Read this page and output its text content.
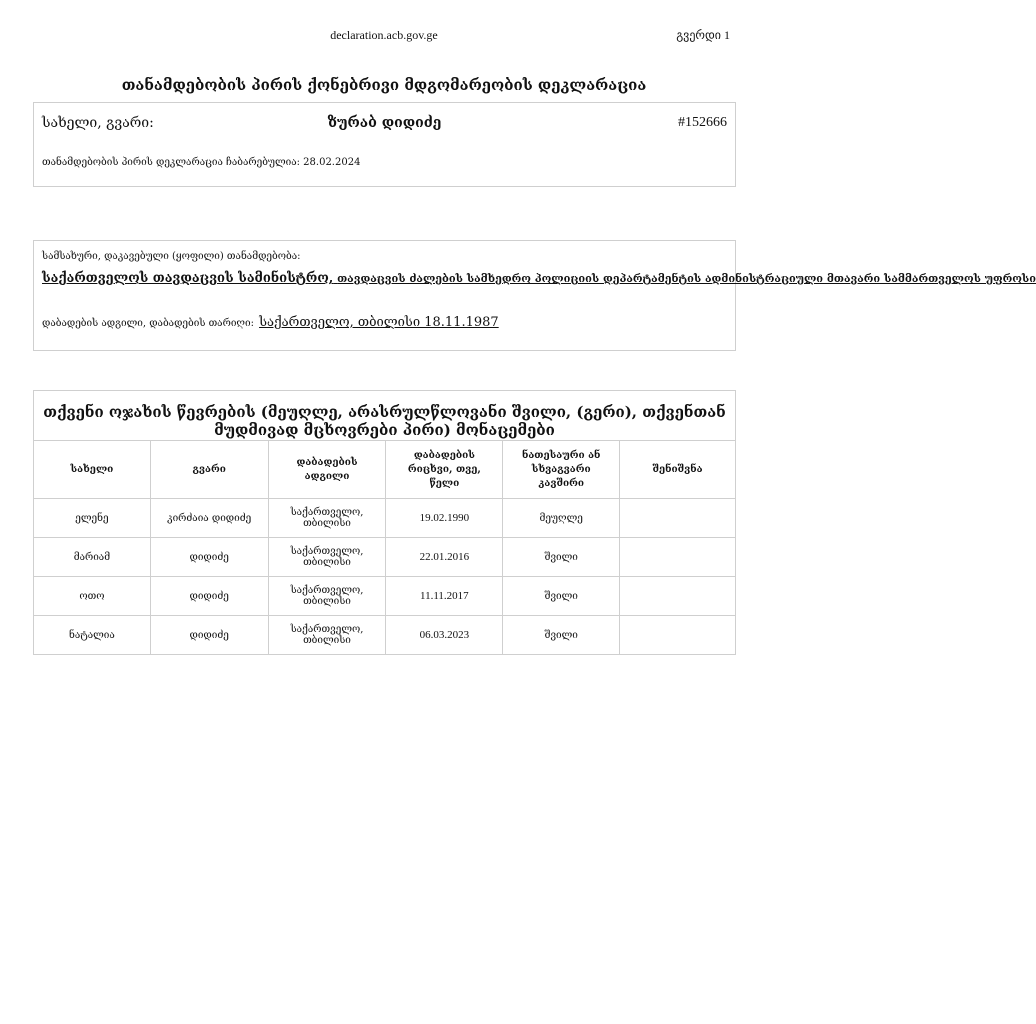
declaration.acb.gov.ge	გვერდი 1
თანამდებობის პირის ქონებრივი მდგომარეობის დეკლარაცია
სახელი, გვარი:	ზურაბ დიდიძე	#152666
თანამდებობის პირის დეკლარაცია ჩაბარებულია: 28.02.2024
სამსახური, დაკავებული (ყოფილი) თანამდებობა:
საქართველოს თავდაცვის სამინისტრო, თავდაცვის ძალების სამხედრო პოლიციის დეპარტამენტის ადმინისტრაციული მთავარი სამმართველოს უფროსი
დაბადების ადგილი, დაბადების თარიღი: საქართველო, თბილისი 18.11.1987
თქვენი ოჯახის წევრების (მეუღლე, არასრულწლოვანი შვილი, (გერი), თქვენთან მუდმივად მცხოვრები პირი) მონაცემები
სახელი	გვარი	დაბადების ადგილი	დაბადების რიცხვი, თვე, წელი	ნათესაური ან სხვაგვარი კავშირი	შენიშვნა
ელენე	კირძაია დიდიძე	საქართველო, თბილისი	19.02.1990	მეუღლე	
მარიამ	დიდიძე	საქართველო, თბილისი	22.01.2016	შვილი	
ოთო	დიდიძე	საქართველო, თბილისი	11.11.2017	შვილი	
ნატალია	დიდიძე	საქართველო, თბილისი	06.03.2023	შვილი	
